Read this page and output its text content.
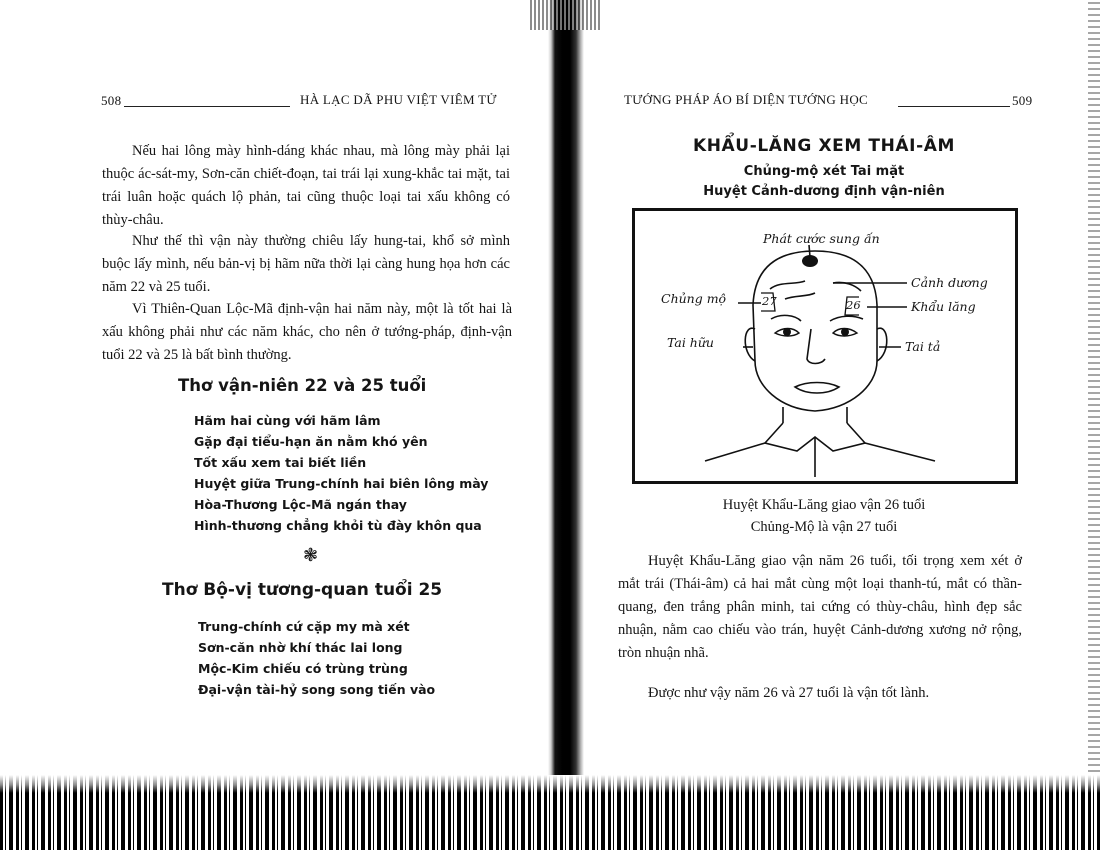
508	HÀ LẠC DÃ PHU VIỆT VIÊM TỬ
Nếu hai lông mày hình-dáng khác nhau, mà lông mày phải lại thuộc ác-sát-my, Sơn-căn chiết-đoạn, tai trái lại xung-khắc tai mặt, tai trái luân hoặc quách lộ phản, tai cũng thuộc loại tai xấu không có thùy-châu.
Như thế thì vận này thường chiêu lấy hung-tai, khổ sở mình buộc lấy mình, nếu bản-vị bị hãm nữa thời lại càng hung họa hơn các năm 22 và 25 tuổi.
Vì Thiên-Quan Lộc-Mã định-vận hai năm này, một là tốt hai là xấu không phải như các năm khác, cho nên ở tướng-pháp, định-vận tuổi 22 và 25 là bất bình thường.
Thơ vận-niên 22 và 25 tuổi
Hãm hai cùng với hãm lâm
Gặp đại tiểu-hạn ăn nằm khó yên
Tốt xấu xem tai biết liền
Huyệt giữa Trung-chính hai biên lông mày
Hòa-Thương Lộc-Mã ngán thay
Hình-thương chẳng khỏi tù đày khôn qua
❃
Thơ Bộ-vị tương-quan tuổi 25
Trung-chính cứ cặp my mà xét
Sơn-căn nhờ khí thác lai long
Mộc-Kim chiếu có trùng trùng
Đại-vận tài-hỷ song song tiến vào
TƯỚNG PHÁP ÁO BÍ DIỆN TƯỚNG HỌC	509
KHẨU-LĂNG XEM THÁI-ÂM
Chủng-mộ xét Tai mặt
Huyệt Cảnh-dương định vận-niên
Phát cước sung ấn
Cảnh dương
Chủng mộ
Khẩu lăng
Tai hữu	Tai tả
27	26
Huyệt Khẩu-Lăng giao vận 26 tuổi
Chủng-Mộ là vận 27 tuổi
Huyệt Khẩu-Lăng giao vận năm 26 tuổi, tối trọng xem xét ở mắt trái (Thái-âm) cả hai mắt cùng một loại thanh-tú, mắt có thần-quang, đen trắng phân minh, tai cứng có thùy-châu, hình đẹp sắc nhuận, nằm cao chiếu vào trán, huyệt Cảnh-dương xương nở rộng, tròn nhuận nhã.
Được như vậy năm 26 và 27 tuổi là vận tốt lành.
